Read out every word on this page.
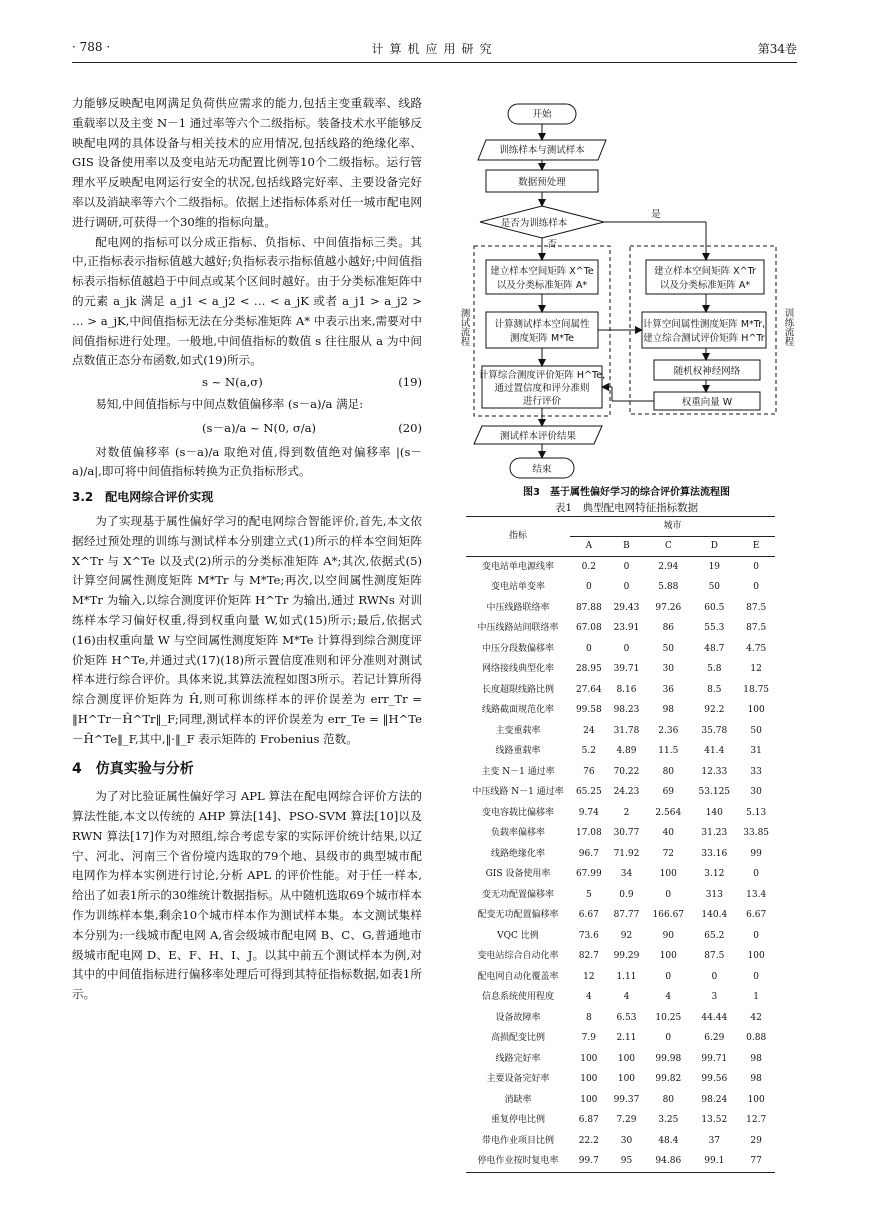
· 788 ·	计算机应用研究	第34卷

力能够反映配电网满足负荷供应需求的能力,包括主变重载率、线路重载率以及主变 N－1 通过率等六个二级指标。装备技术水平能够反映配电网的具体设备与相关技术的应用情况,包括线路的绝缘化率、GIS 设备使用率以及变电站无功配置比例等10个二级指标。运行管理水平反映配电网运行安全的状况,包括线路完好率、主要设备完好率以及消缺率等六个二级指标。依据上述指标体系对任一城市配电网进行调研,可获得一个30维的指标向量。

配电网的指标可以分成正指标、负指标、中间值指标三类。其中,正指标表示指标值越大越好;负指标表示指标值越小越好;中间值指标表示指标值越趋于中间点或某个区间时越好。由于分类标准矩阵中的元素 a_jk 满足 a_j1 < a_j2 < … < a_jK 或者 a_j1 > a_j2 > … > a_jK,中间值指标无法在分类标准矩阵 A* 中表示出来,需要对中间值指标进行处理。一般地,中间值指标的数值 s 往往服从 a 为中间点数值正态分布函数,如式(19)所示。

s ~ N(a,σ)	(19)

易知,中间值指标与中间点数值偏移率 (s－a)/a 满足:

(s－a)/a ~ N(0, σ/a)	(20)

对数值偏移率 (s－a)/a 取绝对值,得到数值绝对偏移率 |(s－a)/a|,即可将中间值指标转换为正负指标形式。

3.2　配电网综合评价实现

为了实现基于属性偏好学习的配电网综合智能评价,首先,本文依据经过预处理的训练与测试样本分别建立式(1)所示的样本空间矩阵 X^Tr 与 X^Te 以及式(2)所示的分类标准矩阵 A*;其次,依据式(5)计算空间属性测度矩阵 M*Tr 与 M*Te;再次,以空间属性测度矩阵 M*Tr 为输入,以综合测度评价矩阵 H^Tr 为输出,通过 RWNs 对训练样本学习偏好权重,得到权重向量 W,如式(15)所示;最后,依据式(16)由权重向量 W 与空间属性测度矩阵 M*Te 计算得到综合测度评价矩阵 H^Te,并通过式(17)(18)所示置信度准则和评分准则对测试样本进行综合评价。具体来说,其算法流程如图3所示。若记计算所得综合测度评价矩阵为 Ĥ,则可称训练样本的评价误差为 err_Tr = ‖H^Tr－Ĥ^Tr‖_F;同理,测试样本的评价误差为 err_Te = ‖H^Te－Ĥ^Te‖_F,其中,‖·‖_F 表示矩阵的 Frobenius 范数。

4　仿真实验与分析

为了对比验证属性偏好学习 APL 算法在配电网综合评价方法的算法性能,本文以传统的 AHP 算法[14]、PSO-SVM 算法[10]以及 RWN 算法[17]作为对照组,综合考虑专家的实际评价统计结果,以辽宁、河北、河南三个省份境内选取的79个地、县级市的典型城市配电网作为样本实例进行讨论,分析 APL 的评价性能。对于任一样本,给出了如表1所示的30维统计数据指标。从中随机选取69个城市样本作为训练样本集,剩余10个城市样本作为测试样本集。本文测试集样本分别为:一线城市配电网 A,省会级城市配电网 B、C、G,普通地市级城市配电网 D、E、F、H、I、J。以其中前五个测试样本为例,对其中的中间值指标进行偏移率处理后可得到其特征指标数据,如表1所示。

开始
训练样本与测试样本
数据预处理
是否为训练样本
是
否
建立样本空间矩阵 X^Te
以及分类标准矩阵 A*
计算测试样本空间属性
测度矩阵 M*Te
计算综合测度评价矩阵 H^Te,
通过置信度和评分准则
进行评价
建立样本空间矩阵 X^Tr
以及分类标准矩阵 A*
计算空间属性测度矩阵 M*Tr,
建立综合测试评价矩阵 H^Tr
随机权神经网络
权重向量 W
测试样本评价结果
结束
测试流程	训练流程
图3　基于属性偏好学习的综合评价算法流程图
表1　典型配电网特征指标数据
指标	城市				
	A	B	C	D	E
变电站单电源线率	0.2	0	2.94	19	0
变电站单变率	0	0	5.88	50	0
中压线路联络率	87.88	29.43	97.26	60.5	87.5
中压线路站间联络率	67.08	23.91	86	55.3	87.5
中压分段数偏移率	0	0	50	48.7	4.75
网络接线典型化率	28.95	39.71	30	5.8	12
长度超限线路比例	27.64	8.16	36	8.5	18.75
线路截面规范化率	99.58	98.23	98	92.2	100
主变重载率	24	31.78	2.36	35.78	50
线路重载率	5.2	4.89	11.5	41.4	31
主变 N－1 通过率	76	70.22	80	12.33	33
中压线路 N－1 通过率	65.25	24.23	69	53.125	30
变电容载比偏移率	9.74	2	2.564	140	5.13
负载率偏移率	17.08	30.77	40	31.23	33.85
线路绝缘化率	96.7	71.92	72	33.16	99
GIS 设备使用率	67.99	34	100	3.12	0
变无功配置偏移率	5	0.9	0	313	13.4
配变无功配置偏移率	6.67	87.77	166.67	140.4	6.67
VQC 比例	73.6	92	90	65.2	0
变电站综合自动化率	82.7	99.29	100	87.5	100
配电网自动化覆盖率	12	1.11	0	0	0
信息系统使用程度	4	4	4	3	1
设备故障率	8	6.53	10.25	44.44	42
高损配变比例	7.9	2.11	0	6.29	0.88
线路完好率	100	100	99.98	99.71	98
主要设备完好率	100	100	99.82	99.56	98
消缺率	100	99.37	80	98.24	100
重复停电比例	6.87	7.29	3.25	13.52	12.7
带电作业项目比例	22.2	30	48.4	37	29
停电作业按时复电率	99.7	95	94.86	99.1	77
